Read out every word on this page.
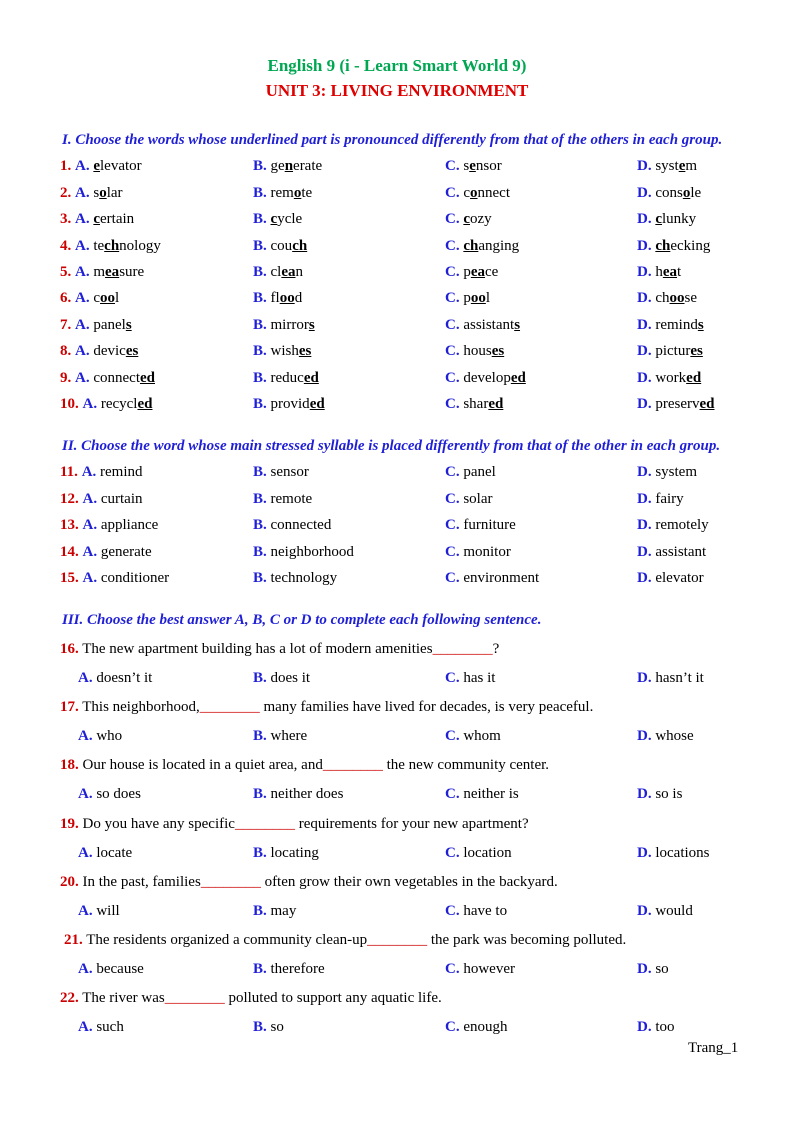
English 9 (i - Learn Smart World 9)
UNIT 3: LIVING ENVIRONMENT
I. Choose the words whose underlined part is pronounced differently from that of the others in each group.
1. A. elevator	B. generate	C. sensor	D. system
2. A. solar	B. remote	C. connect	D. console
3. A. certain	B. cycle	C. cozy	D. clunky
4. A. technology	B. couch	C. changing	D. checking
5. A. measure	B. clean	C. peace	D. heat
6. A. cool	B. flood	C. pool	D. choose
7. A. panels	B. mirrors	C. assistants	D. reminds
8. A. devices	B. wishes	C. houses	D. pictures
9. A. connected	B. reduced	C. developed	D. worked
10. A. recycled	B. provided	C. shared	D. preserved
II. Choose the word whose main stressed syllable is placed differently from that of the other in each group.
11. A. remind	B. sensor	C. panel	D. system
12. A. curtain	B. remote	C. solar	D. fairy
13. A. appliance	B. connected	C. furniture	D. remotely
14. A. generate	B. neighborhood	C. monitor	D. assistant
15. A. conditioner	B. technology	C. environment	D. elevator
III. Choose the best answer A, B, C or D to complete each following sentence.
16. The new apartment building has a lot of modern amenities________?
A. doesn’t it	B. does it	C. has it	D. hasn’t it
17. This neighborhood,________ many families have lived for decades, is very peaceful.
A. who	B. where	C. whom	D. whose
18. Our house is located in a quiet area, and________ the new community center.
A. so does	B. neither does	C. neither is	D. so is
19. Do you have any specific________ requirements for your new apartment?
A. locate	B. locating	C. location	D. locations
20. In the past, families________ often grow their own vegetables in the backyard.
A. will	B. may	C. have to	D. would
21. The residents organized a community clean-up________ the park was becoming polluted.
A. because	B. therefore	C. however	D. so
22. The river was________ polluted to support any aquatic life.
A. such	B. so	C. enough	D. too
Trang_1
